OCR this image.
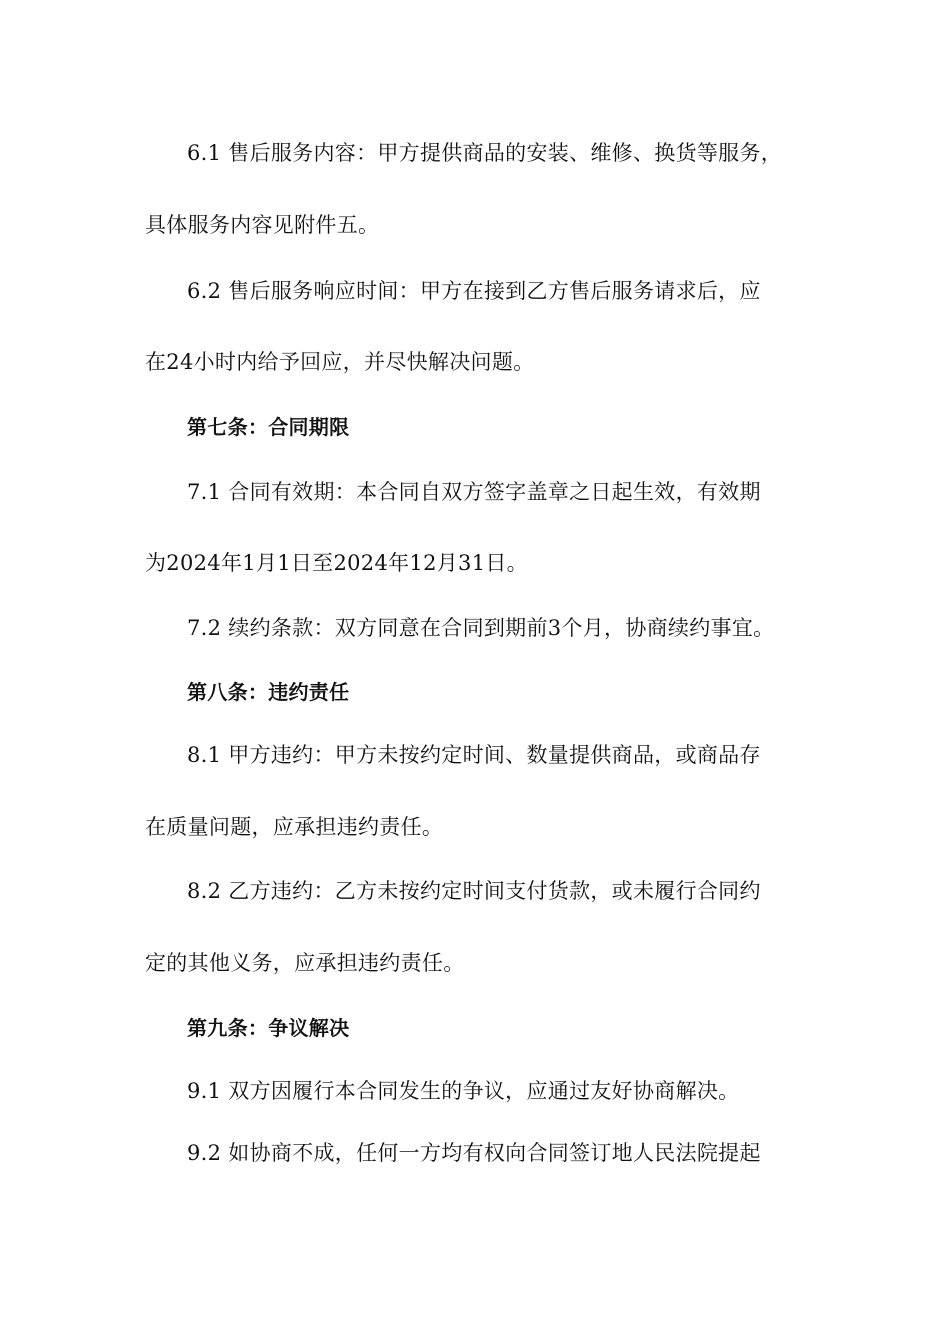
6.1 售后服务内容：甲方提供商品的安装、维修、换货等服务，
具体服务内容见附件五。
6.2 售后服务响应时间：甲方在接到乙方售后服务请求后，应
在24小时内给予回应，并尽快解决问题。
第七条：合同期限
7.1 合同有效期：本合同自双方签字盖章之日起生效，有效期
为2024年1月1日至2024年12月31日。
7.2 续约条款：双方同意在合同到期前3个月，协商续约事宜。
第八条：违约责任
8.1 甲方违约：甲方未按约定时间、数量提供商品，或商品存
在质量问题，应承担违约责任。
8.2 乙方违约：乙方未按约定时间支付货款，或未履行合同约
定的其他义务，应承担违约责任。
第九条：争议解决
9.1 双方因履行本合同发生的争议，应通过友好协商解决。
9.2 如协商不成，任何一方均有权向合同签订地人民法院提起
